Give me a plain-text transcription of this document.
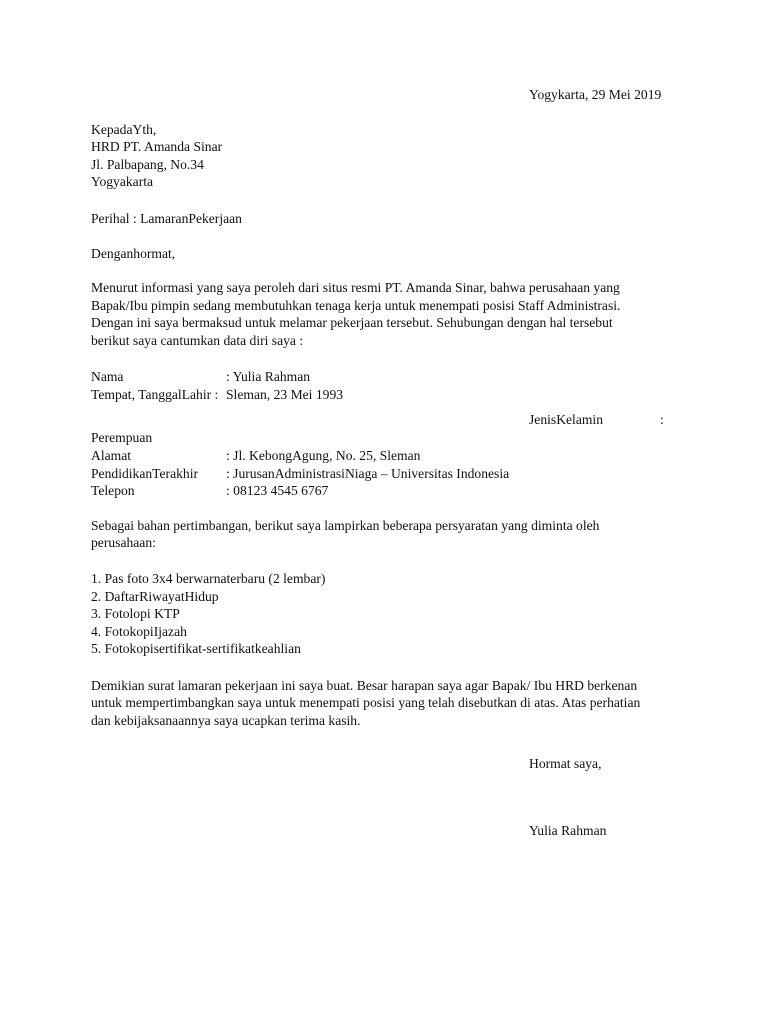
Yogykarta, 29 Mei 2019
KepadaYth,
HRD PT. Amanda Sinar
Jl. Palbapang, No.34
Yogyakarta
Perihal : LamaranPekerjaan
Denganhormat,
Menurut informasi yang saya peroleh dari situs resmi PT. Amanda Sinar, bahwa perusahaan yang
Bapak/Ibu pimpin sedang membutuhkan tenaga kerja untuk menempati posisi Staff Administrasi.
Dengan ini saya bermaksud untuk melamar pekerjaan tersebut. Sehubungan dengan hal tersebut
berikut saya cantumkan data diri saya :
Nama	: Yulia Rahman
Tempat, TanggalLahir : Sleman, 23 Mei 1993
JenisKelamin	:
Perempuan
Alamat	: Jl. KebongAgung, No. 25, Sleman
PendidikanTerakhir : JurusanAdministrasiNiaga – Universitas Indonesia
Telepon	: 08123 4545 6767
Sebagai bahan pertimbangan, berikut saya lampirkan beberapa persyaratan yang diminta oleh
perusahaan:
1. Pas foto 3x4 berwarnaterbaru (2 lembar)
2. DaftarRiwayatHidup
3. Fotolopi KTP
4. FotokopiIjazah
5. Fotokopisertifikat-sertifikatkeahlian
Demikian surat lamaran pekerjaan ini saya buat. Besar harapan saya agar Bapak/ Ibu HRD berkenan
untuk mempertimbangkan saya untuk menempati posisi yang telah disebutkan di atas. Atas perhatian
dan kebijaksanaannya saya ucapkan terima kasih.
Hormat saya,
Yulia Rahman
